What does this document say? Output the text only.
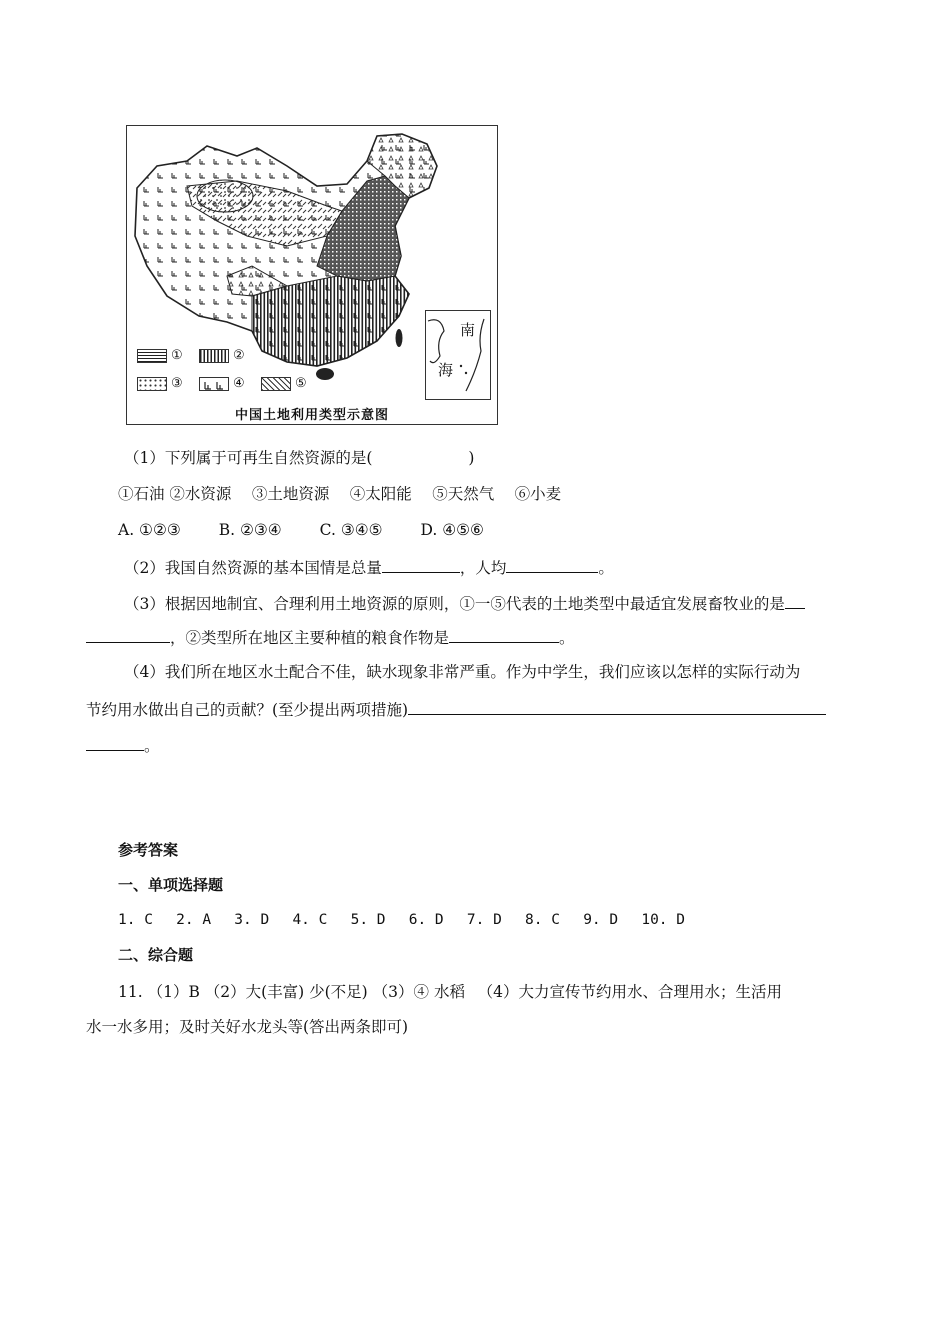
①	②
③	④	⑤
南
海
中国土地利用类型示意图
（1）下列属于可再生自然资源的是(	)
①石油 ②水资源 　③土地资源 　④太阳能 　⑤天然气 　⑥小麦
A. ①②③ B. ②③④ C. ③④⑤ D. ④⑤⑥
（2）我国自然资源的基本国情是总量	，人均	。
（3）根据因地制宜、合理利用土地资源的原则，①一⑤代表的土地类型中最适宜发展畜牧业的是
，②类型所在地区主要种植的粮食作物是	。
（4）我们所在地区水土配合不佳，缺水现象非常严重。作为中学生，我们应该以怎样的实际行动为
节约用水做出自己的贡献？(至少提出两项措施)
。
参考答案
一、单项选择题
1. C 　2. A 　3. D 　4. C 　5. D 　6. D 　7. D 　8. C 　9. D 　10. D
二、综合题
11. （1）B （2）大(丰富) 少(不足) （3）④ 水稻 　（4）大力宣传节约用水、合理用水；生活用
水一水多用；及时关好水龙头等(答出两条即可)
